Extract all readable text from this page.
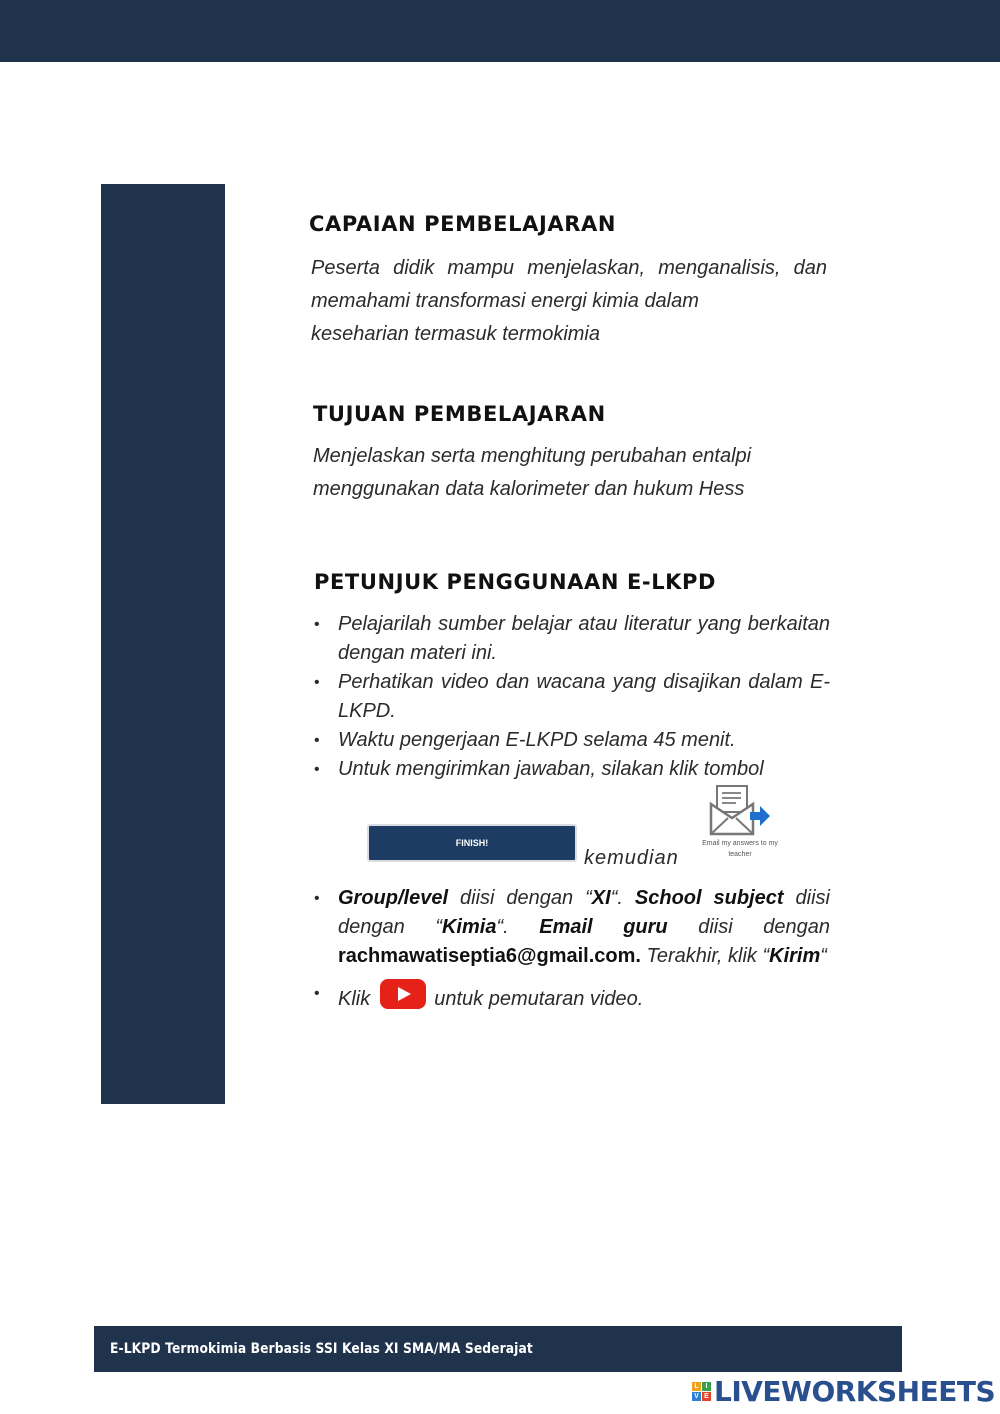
CAPAIAN PEMBELAJARAN

Peserta didik mampu menjelaskan, menganalisis, dan memahami transformasi energi kimia dalam
keseharian termasuk termokimia

TUJUAN PEMBELAJARAN

Menjelaskan serta menghitung perubahan entalpi
menggunakan data kalorimeter dan hukum Hess

PETUNJUK PENGGUNAAN E-LKPD
• Pelajarilah sumber belajar atau literatur yang berkaitan dengan materi ini.
• Perhatikan video dan wacana yang disajikan dalam E-LKPD.
• Waktu pengerjaan E-LKPD selama 45 menit.
• Untuk mengirimkan jawaban, silakan klik tombol
FINISH!
kemudian
Email my answers to my teacher
• Group/level diisi dengan “XI“. School subject diisi dengan “Kimia“. Email guru diisi dengan rachmawatiseptia6@gmail.com. Terakhir, klik “Kirim“
• Klik	untuk pemutaran video.
E-LKPD Termokimia Berbasis SSI Kelas XI SMA/MA Sederajat
L I
V E LIVEWORKSHEETS
